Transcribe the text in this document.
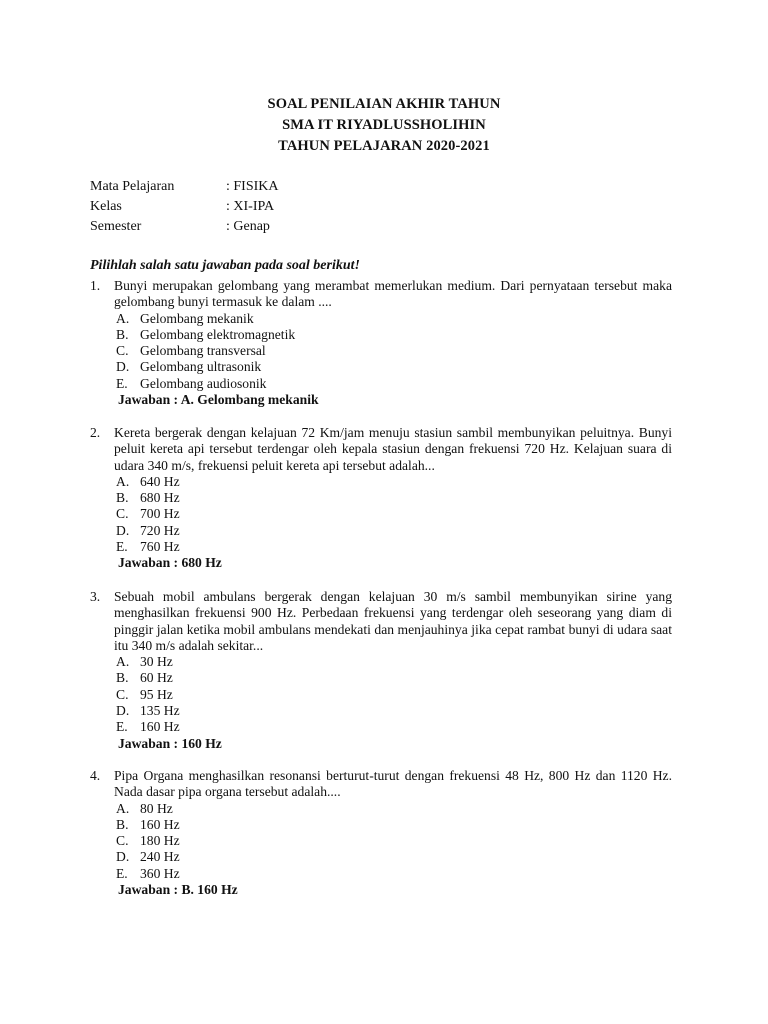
SOAL PENILAIAN AKHIR TAHUN
SMA IT RIYADLUSSHOLIHIN
TAHUN PELAJARAN 2020-2021
Mata Pelajaran	: FISIKA
Kelas	: XI-IPA
Semester	: Genap
Pilihlah salah satu jawaban pada soal berikut!
1.	Bunyi merupakan gelombang yang merambat memerlukan medium. Dari pernyataan tersebut maka gelombang bunyi termasuk ke dalam ....
A. Gelombang mekanik
B. Gelombang elektromagnetik
C. Gelombang transversal
D. Gelombang ultrasonik
E. Gelombang audiosonik
Jawaban : A. Gelombang mekanik
2.	Kereta bergerak dengan kelajuan 72 Km/jam menuju stasiun sambil membunyikan peluitnya. Bunyi peluit kereta api tersebut terdengar oleh kepala stasiun dengan frekuensi 720 Hz. Kelajuan suara di udara 340 m/s, frekuensi peluit kereta api tersebut adalah...
A. 640 Hz
B. 680 Hz
C. 700 Hz
D. 720 Hz
E. 760 Hz
Jawaban : 680 Hz
3.	Sebuah mobil ambulans bergerak dengan kelajuan 30 m/s sambil membunyikan sirine yang menghasilkan frekuensi 900 Hz. Perbedaan frekuensi yang terdengar oleh seseorang yang diam di pinggir jalan ketika mobil ambulans mendekati dan menjauhinya jika cepat rambat bunyi di udara saat itu 340 m/s adalah sekitar...
A. 30 Hz
B. 60 Hz
C. 95 Hz
D. 135 Hz
E. 160 Hz
Jawaban : 160 Hz
4.	Pipa Organa menghasilkan resonansi berturut-turut dengan frekuensi 48 Hz, 800 Hz dan 1120 Hz. Nada dasar pipa organa tersebut adalah....
A. 80 Hz
B. 160 Hz
C. 180 Hz
D. 240 Hz
E. 360 Hz
Jawaban : B. 160 Hz
